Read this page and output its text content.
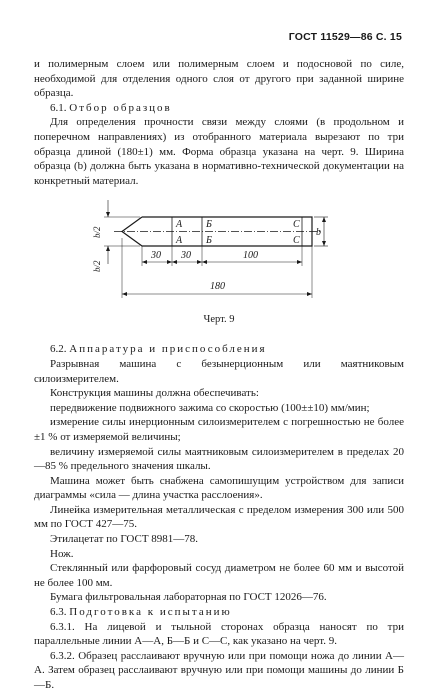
ГОСТ 11529—86 С. 15

и полимерным слоем или полимерным слоем и подосновой по силе, необходимой для отделения одного слоя от другого при заданной ширине образца.

6.1. Отбор образцов

Для определения прочности связи между слоями (в продольном и поперечном направлениях) из отобранного материала вырезают по три образца длиной (180±1) мм. Форма образца указана на черт. 9. Ширина образца (b) должна быть указана в нормативно-технической документации на конкретный материал.

А
А
Б
Б
С
С
b
b/2
b/2
30 30	100
180
Черт. 9

6.2. Аппаратура и приспособления

Разрывная машина с безынерционным или маятниковым силоизмерителем.

Конструкция машины должна обеспечивать:

передвижение подвижного зажима со скоростью (100±±10) мм/мин;

измерение силы инерционным силоизмерителем с погрешностью не более ±1 % от измеряемой величины;

величину измеряемой силы маятниковым силоизмерителем в пределах 20—85 % предельного значения шкалы.

Машина может быть снабжена самопишущим устройством для записи диаграммы «сила — длина участка расслоения».

Линейка измерительная металлическая с пределом измерения 300 или 500 мм по ГОСТ 427—75.

Этилацетат по ГОСТ 8981—78.

Нож.

Стеклянный или фарфоровый сосуд диаметром не более 60 мм и высотой не более 100 мм.

Бумага фильтровальная лабораторная по ГОСТ 12026—76.

6.3. Подготовка к испытанию

6.3.1. На лицевой и тыльной сторонах образца наносят по три параллельные линии А—А, Б—Б и С—С, как указано на черт. 9.

6.3.2. Образец расслаивают вручную или при помощи ножа до линии А—А. Затем образец расслаивают вручную или при помощи машины до линии Б—Б.
